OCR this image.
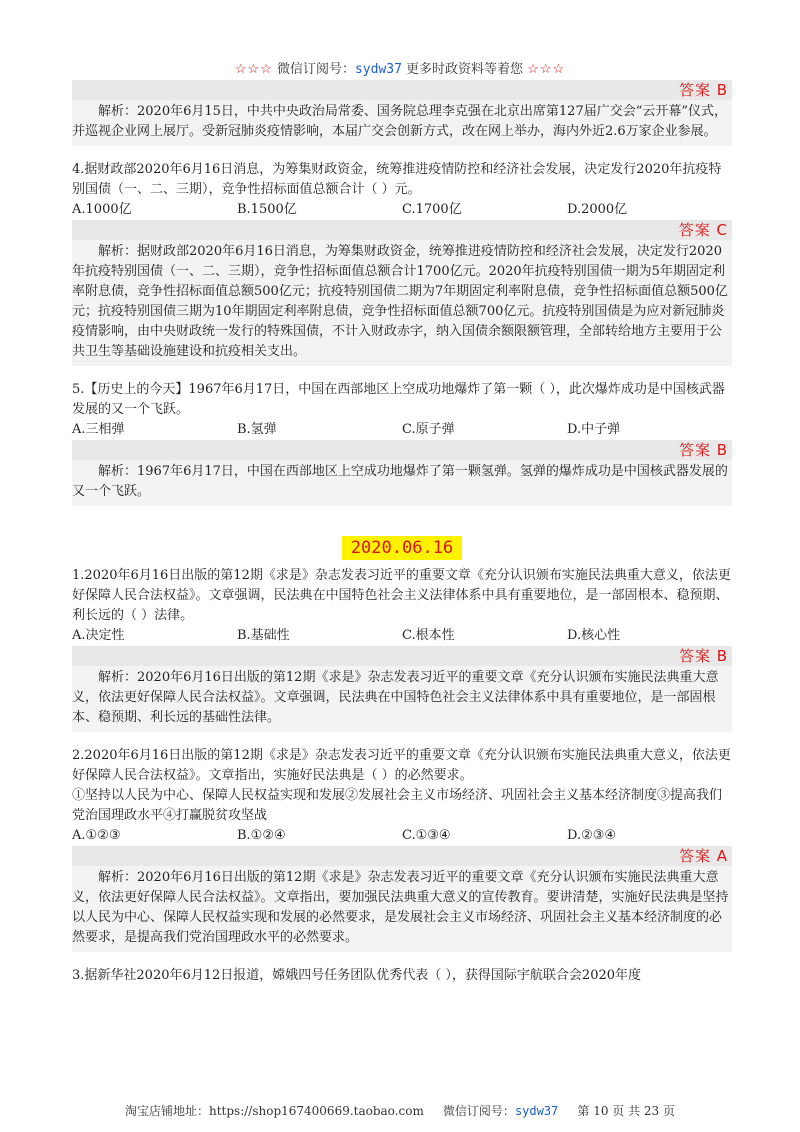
☆☆☆ 微信订阅号：sydw37 更多时政资料等着您 ☆☆☆
答案 B
解析：2020年6月15日，中共中央政治局常委、国务院总理李克强在北京出席第127届广交会“云开幕”仪式，并巡视企业网上展厅。受新冠肺炎疫情影响，本届广交会创新方式，改在网上举办，海内外近2.6万家企业参展。
4.据财政部2020年6月16日消息，为筹集财政资金，统筹推进疫情防控和经济社会发展，决定发行2020年抗疫特别国债（一、二、三期），竞争性招标面值总额合计（ ）元。
A.1000亿	B.1500亿	C.1700亿	D.2000亿
答案 C
解析：据财政部2020年6月16日消息，为筹集财政资金，统筹推进疫情防控和经济社会发展，决定发行2020年抗疫特别国债（一、二、三期），竞争性招标面值总额合计1700亿元。2020年抗疫特别国债一期为5年期固定利率附息债，竞争性招标面值总额500亿元；抗疫特别国债二期为7年期固定利率附息债，竞争性招标面值总额500亿元；抗疫特别国债三期为10年期固定利率附息债，竞争性招标面值总额700亿元。抗疫特别国债是为应对新冠肺炎疫情影响，由中央财政统一发行的特殊国债，不计入财政赤字，纳入国债余额限额管理，全部转给地方主要用于公共卫生等基础设施建设和抗疫相关支出。
5.【历史上的今天】1967年6月17日，中国在西部地区上空成功地爆炸了第一颗（ ），此次爆炸成功是中国核武器发展的又一个飞跃。
A.三相弹	B.氢弹	C.原子弹	D.中子弹
答案 B
解析：1967年6月17日，中国在西部地区上空成功地爆炸了第一颗氢弹。氢弹的爆炸成功是中国核武器发展的又一个飞跃。
2020.06.16
1.2020年6月16日出版的第12期《求是》杂志发表习近平的重要文章《充分认识颁布实施民法典重大意义，依法更好保障人民合法权益》。文章强调，民法典在中国特色社会主义法律体系中具有重要地位，是一部固根本、稳预期、利长远的（ ）法律。
A.决定性	B.基础性	C.根本性	D.核心性
答案 B
解析：2020年6月16日出版的第12期《求是》杂志发表习近平的重要文章《充分认识颁布实施民法典重大意义，依法更好保障人民合法权益》。文章强调，民法典在中国特色社会主义法律体系中具有重要地位，是一部固根本、稳预期、利长远的基础性法律。
2.2020年6月16日出版的第12期《求是》杂志发表习近平的重要文章《充分认识颁布实施民法典重大意义，依法更好保障人民合法权益》。文章指出，实施好民法典是（ ）的必然要求。
①坚持以人民为中心、保障人民权益实现和发展②发展社会主义市场经济、巩固社会主义基本经济制度③提高我们党治国理政水平④打赢脱贫攻坚战
A.①②③	B.①②④	C.①③④	D.②③④
答案 A
解析：2020年6月16日出版的第12期《求是》杂志发表习近平的重要文章《充分认识颁布实施民法典重大意义，依法更好保障人民合法权益》。文章指出，要加强民法典重大意义的宣传教育。要讲清楚，实施好民法典是坚持以人民为中心、保障人民权益实现和发展的必然要求，是发展社会主义市场经济、巩固社会主义基本经济制度的必然要求，是提高我们党治国理政水平的必然要求。
3.据新华社2020年6月12日报道，嫦娥四号任务团队优秀代表（ ），获得国际宇航联合会2020年度
淘宝店铺地址：https://shop167400669.taobao.com 微信订阅号：sydw37 第 10 页 共 23 页
